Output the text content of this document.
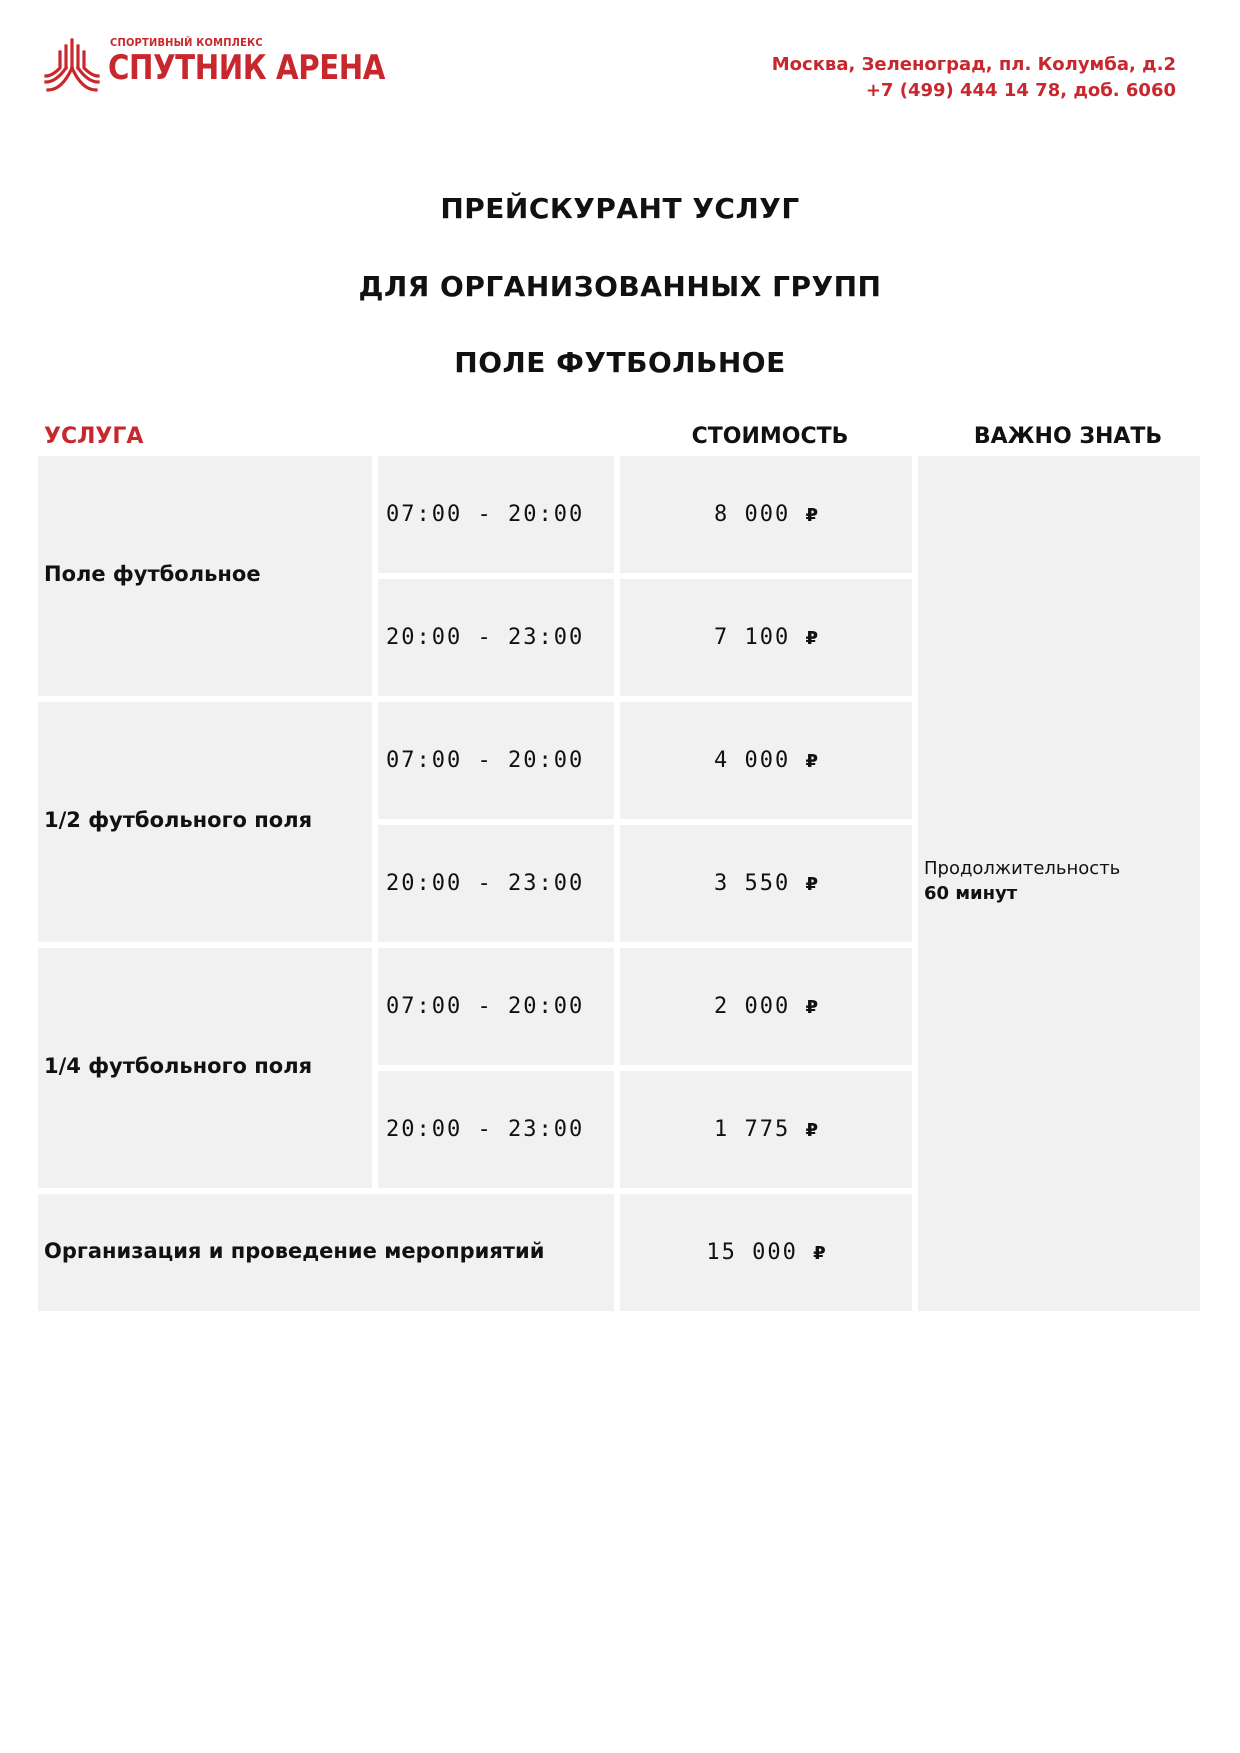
СПОРТИВНЫЙ КОМПЛЕКС
СПУТНИК АРЕНА	Москва, Зеленоград, пл. Колумба, д.2
+7 (499) 444 14 78, доб. 6060
ПРЕЙСКУРАНТ УСЛУГ
ДЛЯ ОРГАНИЗОВАННЫХ ГРУПП
ПОЛЕ ФУТБОЛЬНОЕ
УСЛУГА	СТОИМОСТЬ	ВАЖНО ЗНАТЬ
Поле футбольное
07:00 - 20:00	8 000 ₽
20:00 - 23:00	7 100 ₽
1/2 футбольного поля
07:00 - 20:00	4 000 ₽
20:00 - 23:00	3 550 ₽
1/4 футбольного поля
07:00 - 20:00	2 000 ₽
20:00 - 23:00	1 775 ₽
Организация и проведение мероприятий	15 000 ₽
Продолжительность
60 минут
